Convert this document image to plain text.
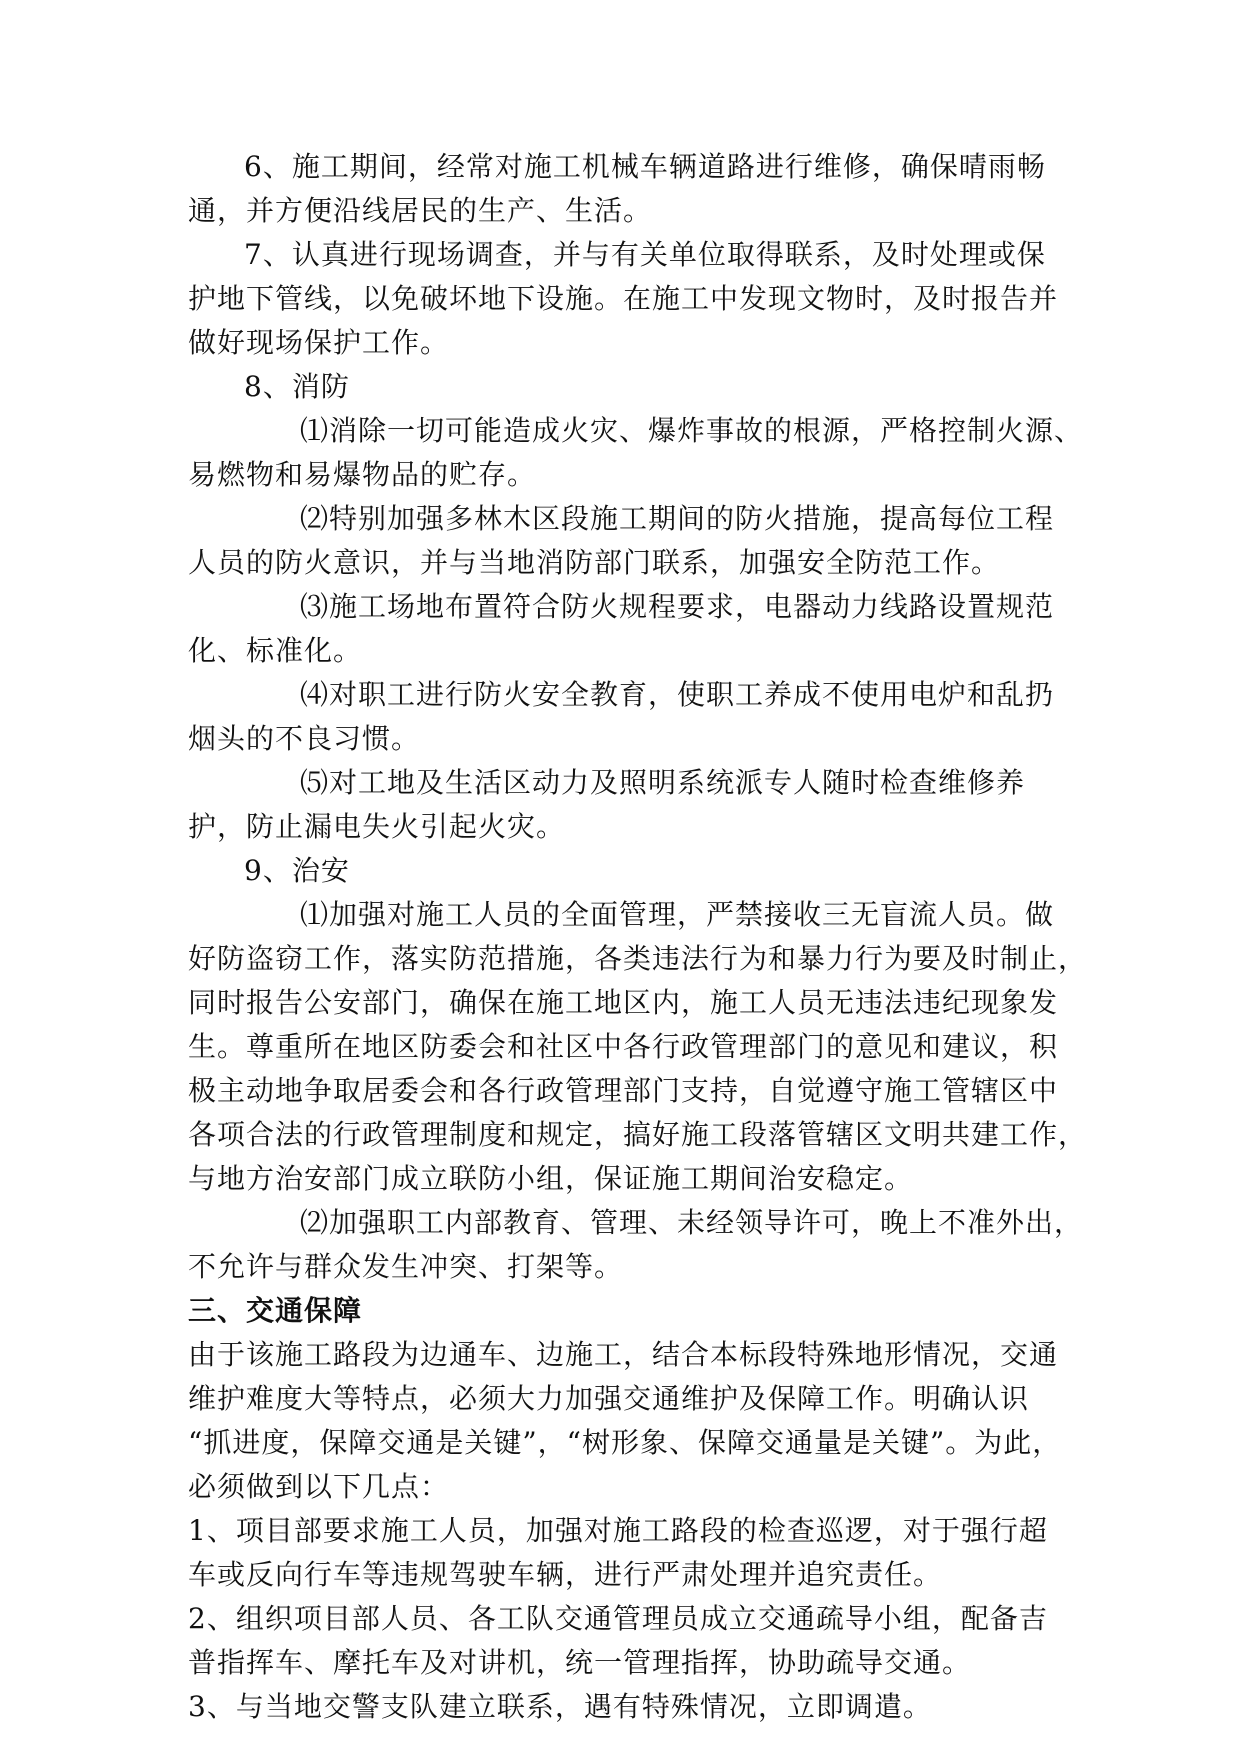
6、施工期间，经常对施工机械车辆道路进行维修，确保晴雨畅
通，并方便沿线居民的生产、生活。
7、认真进行现场调查，并与有关单位取得联系，及时处理或保
护地下管线，以免破坏地下设施。在施工中发现文物时，及时报告并
做好现场保护工作。
8、消防
⑴消除一切可能造成火灾、爆炸事故的根源，严格控制火源、
易燃物和易爆物品的贮存。
⑵特别加强多林木区段施工期间的防火措施，提高每位工程
人员的防火意识，并与当地消防部门联系，加强安全防范工作。
⑶施工场地布置符合防火规程要求，电器动力线路设置规范
化、标准化。
⑷对职工进行防火安全教育，使职工养成不使用电炉和乱扔
烟头的不良习惯。
⑸对工地及生活区动力及照明系统派专人随时检查维修养
护，防止漏电失火引起火灾。
9、治安
⑴加强对施工人员的全面管理，严禁接收三无盲流人员。做
好防盗窃工作，落实防范措施，各类违法行为和暴力行为要及时制止，
同时报告公安部门，确保在施工地区内，施工人员无违法违纪现象发
生。尊重所在地区防委会和社区中各行政管理部门的意见和建议，积
极主动地争取居委会和各行政管理部门支持，自觉遵守施工管辖区中
各项合法的行政管理制度和规定，搞好施工段落管辖区文明共建工作，
与地方治安部门成立联防小组，保证施工期间治安稳定。
⑵加强职工内部教育、管理、未经领导许可，晚上不准外出，
不允许与群众发生冲突、打架等。
三、交通保障
由于该施工路段为边通车、边施工，结合本标段特殊地形情况，交通
维护难度大等特点，必须大力加强交通维护及保障工作。明确认识
“抓进度，保障交通是关键”，“树形象、保障交通量是关键”。为此，
必须做到以下几点：
1、项目部要求施工人员，加强对施工路段的检查巡逻，对于强行超
车或反向行车等违规驾驶车辆，进行严肃处理并追究责任。
2、组织项目部人员、各工队交通管理员成立交通疏导小组，配备吉
普指挥车、摩托车及对讲机，统一管理指挥，协助疏导交通。
3、与当地交警支队建立联系，遇有特殊情况，立即调遣。
